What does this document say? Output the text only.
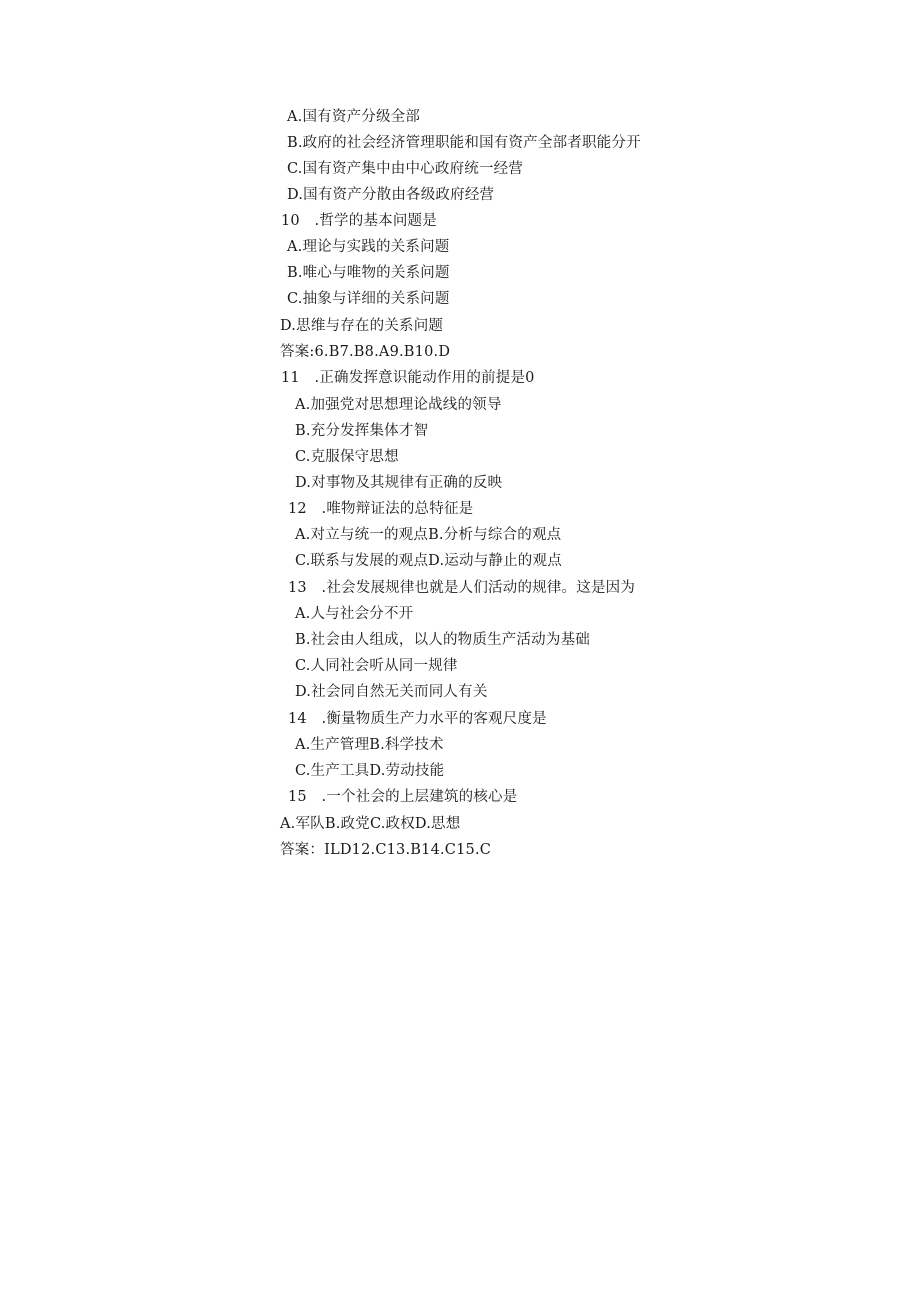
A.国有资产分级全部
B.政府的社会经济管理职能和国有资产全部者职能分开
C.国有资产集中由中心政府统一经营
D.国有资产分散由各级政府经营
10　.哲学的基本问题是
A.理论与实践的关系问题
B.唯心与唯物的关系问题
C.抽象与详细的关系问题
D.思维与存在的关系问题
答案:6.B7.B8.A9.B10.D
11　.正确发挥意识能动作用的前提是0
A.加强党对思想理论战线的领导
B.充分发挥集体才智
C.克服保守思想
D.对事物及其规律有正确的反映
12　.唯物辩证法的总特征是
A.对立与统一的观点B.分析与综合的观点
C.联系与发展的观点D.运动与静止的观点
13　.社会发展规律也就是人们活动的规律。这是因为
A.人与社会分不开
B.社会由人组成，以人的物质生产活动为基础
C.人同社会听从同一规律
D.社会同自然无关而同人有关
14　.衡量物质生产力水平的客观尺度是
A.生产管理B.科学技术
C.生产工具D.劳动技能
15　.一个社会的上层建筑的核心是
A.军队B.政党C.政权D.思想
答案：ILD12.C13.B14.C15.C
